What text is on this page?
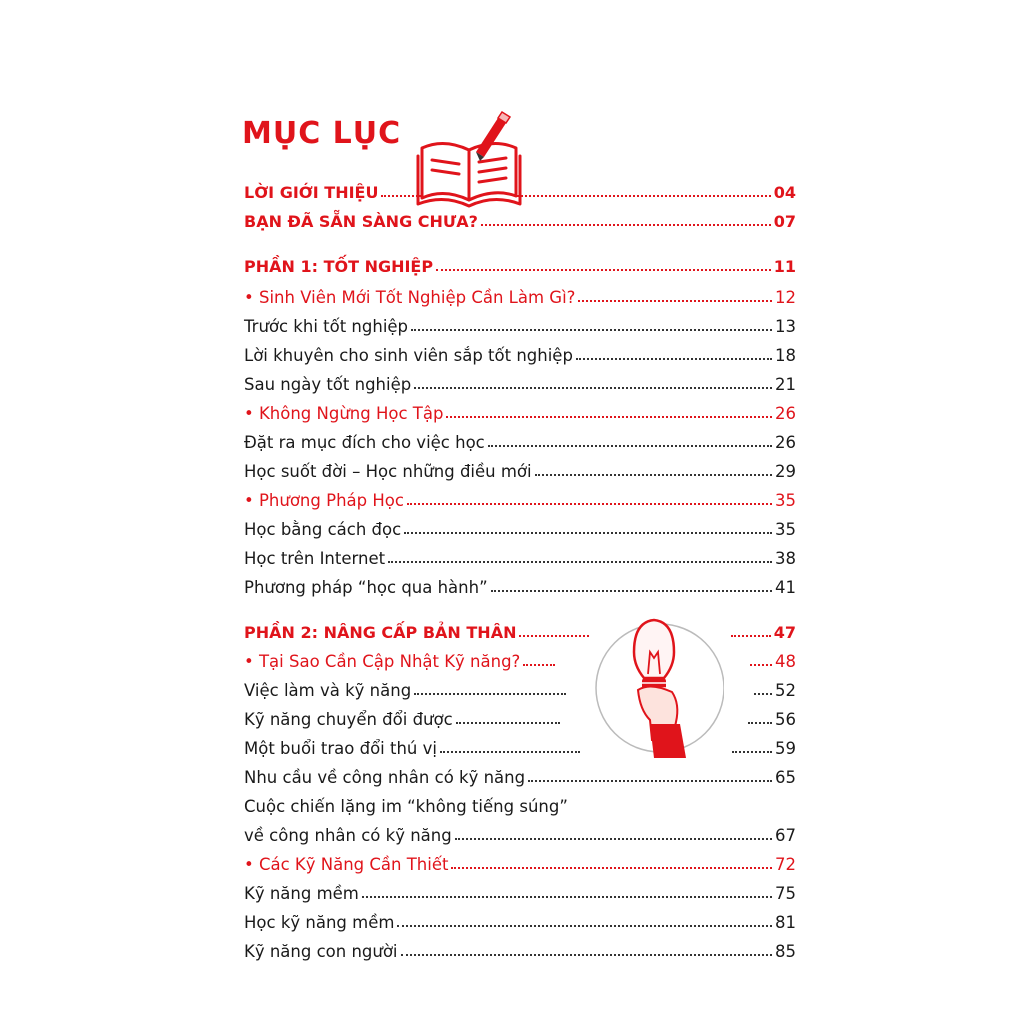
MỤC LỤC
LỜI GIỚI THIỆU	04
BẠN ĐÃ SẴN SÀNG CHƯA?	07
PHẦN 1: TỐT NGHIỆP	11
• Sinh Viên Mới Tốt Nghiệp Cần Làm Gì?	12
Trước khi tốt nghiệp	13
Lời khuyên cho sinh viên sắp tốt nghiệp	18
Sau ngày tốt nghiệp	21
• Không Ngừng Học Tập	26
Đặt ra mục đích cho việc học	26
Học suốt đời – Học những điều mới	29
• Phương Pháp Học	35
Học bằng cách đọc	35
Học trên Internet	38
Phương pháp “học qua hành”	41
PHẦN 2: NÂNG CẤP BẢN THÂN	47
• Tại Sao Cần Cập Nhật Kỹ năng?	48
Việc làm và kỹ năng	52
Kỹ năng chuyển đổi được	56
Một buổi trao đổi thú vị	59
Nhu cầu về công nhân có kỹ năng	65
Cuộc chiến lặng im “không tiếng súng”
về công nhân có kỹ năng	67
• Các Kỹ Năng Cần Thiết	72
Kỹ năng mềm	75
Học kỹ năng mềm	81
Kỹ năng con người	85
